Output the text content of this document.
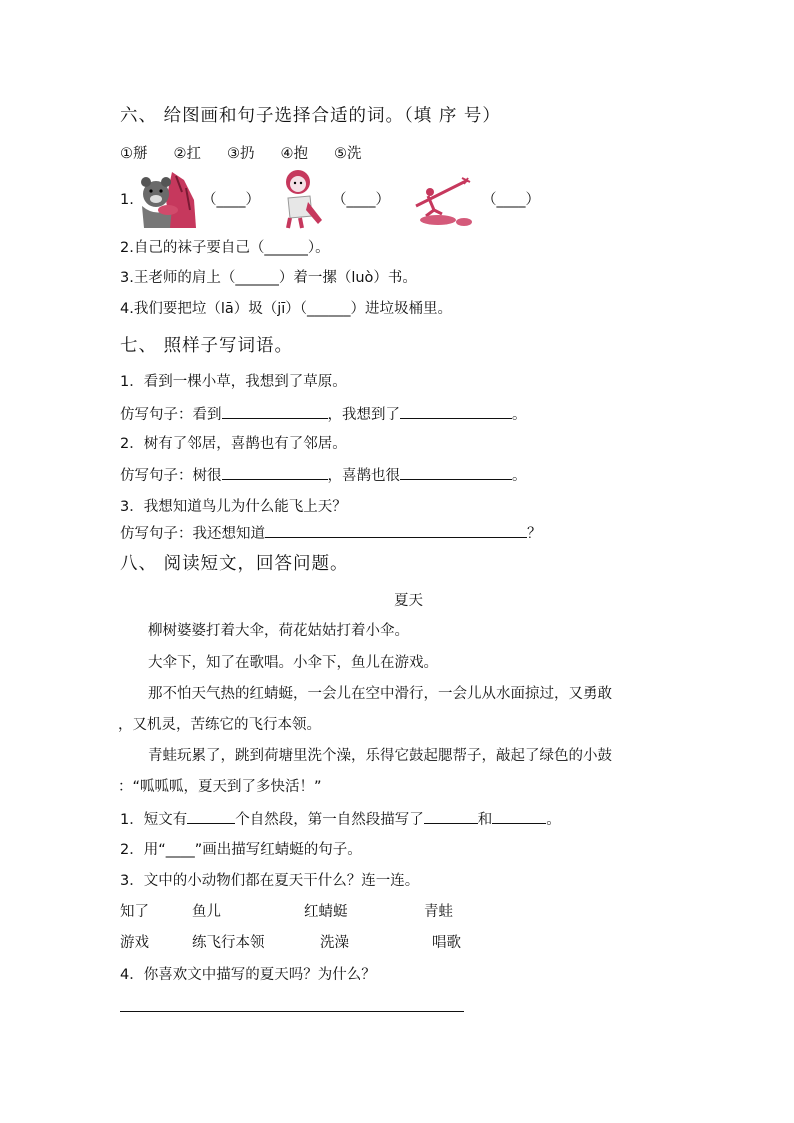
六、 给图画和句子选择合适的词。（填 序 号）
①掰 ②扛 ③扔 ④抱 ⑤洗
1.	（____）	（____）	（____）
2.自己的袜子要自己（______）。
3.王老师的肩上（______）着一摞（luò）书。
4.我们要把垃（lā）圾（jī）（______）进垃圾桶里。
七、 照样子写词语。
1．看到一棵小草，我想到了草原。
仿写句子：看到	，我想到了	。
2．树有了邻居，喜鹊也有了邻居。
仿写句子：树很	，喜鹊也很	。
3．我想知道鸟儿为什么能飞上天？
仿写句子：我还想知道	？
八、 阅读短文，回答问题。
夏天
柳树婆婆打着大伞，荷花姑姑打着小伞。
大伞下，知了在歌唱。小伞下，鱼儿在游戏。
那不怕天气热的红蜻蜓，一会儿在空中滑行，一会儿从水面掠过，又勇敢
，又机灵，苦练它的飞行本领。
青蛙玩累了，跳到荷塘里洗个澡，乐得它鼓起腮帮子，敲起了绿色的小鼓
：“呱呱呱，夏天到了多快活！”
1．短文有	个自然段，第一自然段描写了	和	。
2．用“____”画出描写红蜻蜓的句子。
3．文中的小动物们都在夏天干什么？连一连。
知了	鱼儿	红蜻蜓	青蛙
游戏	练飞行本领	洗澡	唱歌
4．你喜欢文中描写的夏天吗？为什么？
